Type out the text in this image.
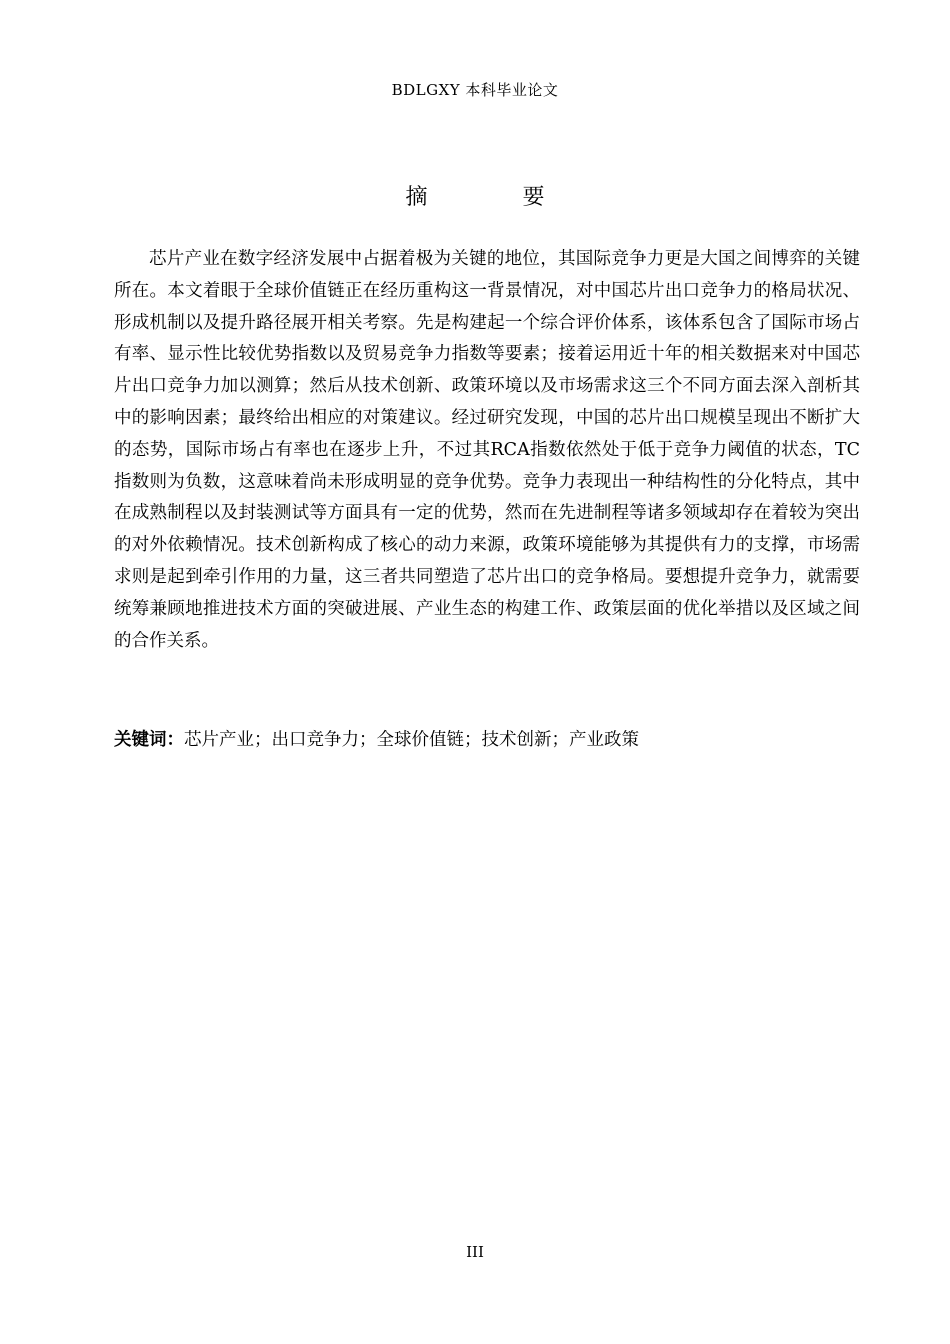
BDLGXY 本科毕业论文
摘 要

芯片产业在数字经济发展中占据着极为关键的地位，其国际竞争力更是大国之间博弈的关键所在。本文着眼于全球价值链正在经历重构这一背景情况，对中国芯片出口竞争力的格局状况、形成机制以及提升路径展开相关考察。先是构建起一个综合评价体系，该体系包含了国际市场占有率、显示性比较优势指数以及贸易竞争力指数等要素；接着运用近十年的相关数据来对中国芯片出口竞争力加以测算；然后从技术创新、政策环境以及市场需求这三个不同方面去深入剖析其中的影响因素；最终给出相应的对策建议。经过研究发现，中国的芯片出口规模呈现出不断扩大的态势，国际市场占有率也在逐步上升，不过其RCA指数依然处于低于竞争力阈值的状态，TC指数则为负数，这意味着尚未形成明显的竞争优势。竞争力表现出一种结构性的分化特点，其中在成熟制程以及封装测试等方面具有一定的优势，然而在先进制程等诸多领域却存在着较为突出的对外依赖情况。技术创新构成了核心的动力来源，政策环境能够为其提供有力的支撑，市场需求则是起到牵引作用的力量，这三者共同塑造了芯片出口的竞争格局。要想提升竞争力，就需要统筹兼顾地推进技术方面的突破进展、产业生态的构建工作、政策层面的优化举措以及区域之间的合作关系。

关键词：芯片产业；出口竞争力；全球价值链；技术创新；产业政策
III
